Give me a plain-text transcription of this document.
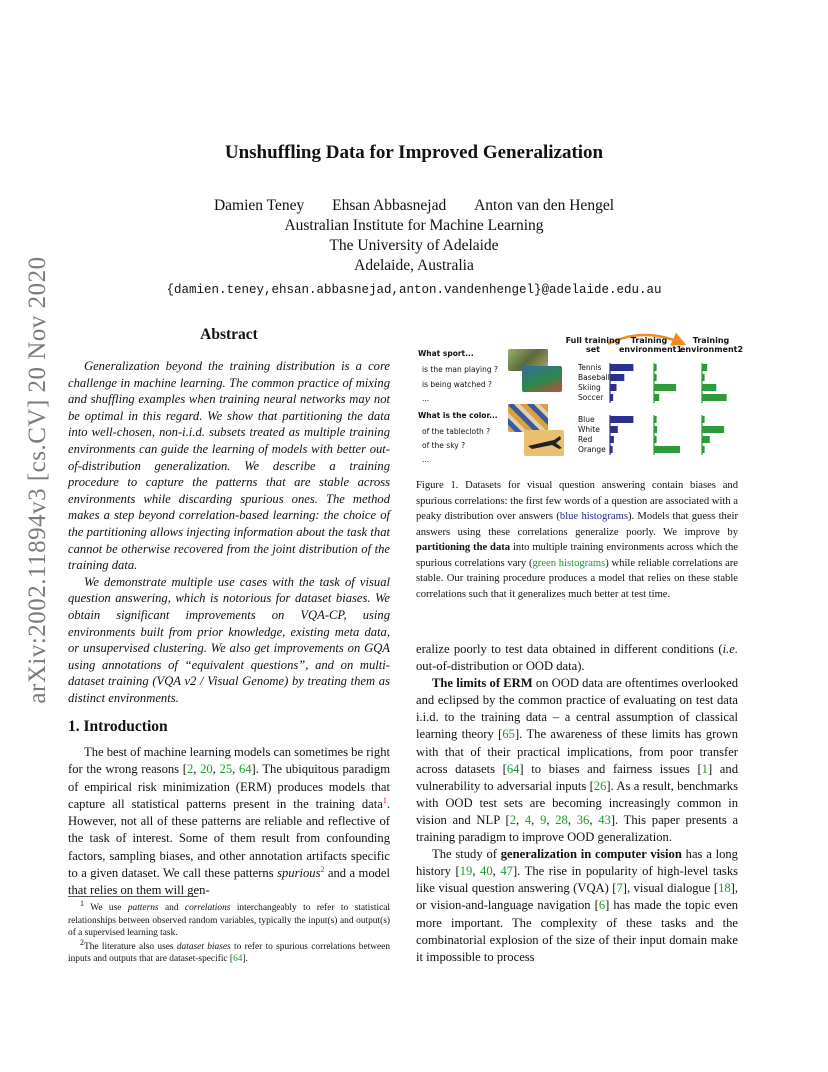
arXiv:2002.11894v3 [cs.CV] 20 Nov 2020
Unshuffling Data for Improved Generalization
Damien Teney Ehsan Abbasnejad Anton van den Hengel
Australian Institute for Machine Learning
The University of Adelaide
Adelaide, Australia
{damien.teney,ehsan.abbasnejad,anton.vandenhengel}@adelaide.edu.au
Abstract

Generalization beyond the training distribution is a core challenge in machine learning. The common practice of mixing and shuffling examples when training neural networks may not be optimal in this regard. We show that partitioning the data into well-chosen, non-i.i.d. subsets treated as multiple training environments can guide the learning of models with better out-of-distribution generalization. We describe a training procedure to capture the patterns that are stable across environments while discarding spurious ones. The method makes a step beyond correlation-based learning: the choice of the partitioning allows injecting information about the task that cannot be otherwise recovered from the joint distribution of the training data.

We demonstrate multiple use cases with the task of visual question answering, which is notorious for dataset biases. We obtain significant improvements on VQA-CP, using environments built from prior knowledge, existing meta data, or unsupervised clustering. We also get improvements on GQA using annotations of “equivalent questions”, and on multi-dataset training (VQA v2 / Visual Genome) by treating them as distinct environments.

1. Introduction

The best of machine learning models can sometimes be right for the wrong reasons [2, 20, 25, 64]. The ubiquitous paradigm of empirical risk minimization (ERM) produces models that capture all statistical patterns present in the training data$^1$. However, not all of these patterns are reliable and reflective of the task of interest. Some of them result from confounding factors, sampling biases, and other annotation artifacts specific to a given dataset. We call these patterns spurious$^2$ and a model that relies on them will gen-

$^1$ We use patterns and correlations interchangeably to refer to statistical relationships between observed random variables, typically the input(s) and output(s) of a supervised learning task.

$^2$The literature also uses dataset biases to refer to spurious correlations between inputs and outputs that are dataset-specific [64].

Full training set
Training environment1
Training environment2
What sport...
is the man playing ?
is being watched ?
...
What is the color...
of the tablecloth ?
of the sky ?
...
Tennis
Baseball
Skiing
Soccer
Blue
White
Red
Orange
Figure 1. Datasets for visual question answering contain biases and spurious correlations: the first few words of a question are associated with a peaky distribution over answers (blue histograms). Models that guess their answers using these correlations generalize poorly. We improve by partitioning the data into multiple training environments across which the spurious correlations vary (green histograms) while reliable correlations are stable. Our training procedure produces a model that relies on these stable correlations such that it generalizes much better at test time.

eralize poorly to test data obtained in different conditions (i.e. out-of-distribution or OOD data).

The limits of ERM on OOD data are oftentimes overlooked and eclipsed by the common practice of evaluating on test data i.i.d. to the training data – a central assumption of classical learning theory [65]. The awareness of these limits has grown with that of their practical implications, from poor transfer across datasets [64] to biases and fairness issues [1] and vulnerability to adversarial inputs [26]. As a result, benchmarks with OOD test sets are becoming increasingly common in vision and NLP [2, 4, 9, 28, 36, 43]. This paper presents a training paradigm to improve OOD generalization.

The study of generalization in computer vision has a long history [19, 40, 47]. The rise in popularity of high-level tasks like visual question answering (VQA) [7], visual dialogue [18], or vision-and-language navigation [6] has made the topic even more important. The complexity of these tasks and the combinatorial explosion of the size of their input domain make it impossible to process
